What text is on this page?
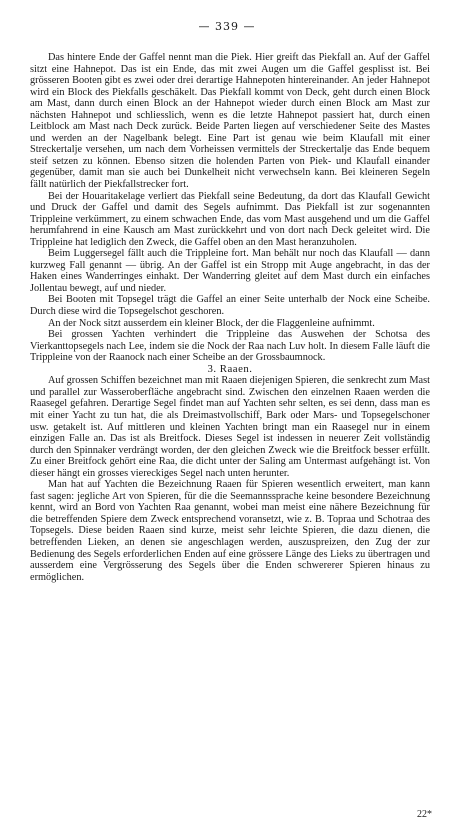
— 339 —

Das hintere Ende der Gaffel nennt man die Piek. Hier greift das Piekfall an. Auf der Gaffel sitzt eine Hahnepot. Das ist ein Ende, das mit zwei Augen um die Gaffel gesplisst ist. Bei grösseren Booten gibt es zwei oder drei derartige Hahnepoten hintereinander. An jeder Hahnepot wird ein Block des Piekfalls geschäkelt. Das Piekfall kommt von Deck, geht durch einen Block am Mast, dann durch einen Block an der Hahnepot wieder durch einen Block am Mast zur nächsten Hahnepot und schliesslich, wenn es die letzte Hahnepot passiert hat, durch einen Leitblock am Mast nach Deck zurück. Beide Parten liegen auf verschiedener Seite des Mastes und werden an der Nagelbank belegt. Eine Part ist genau wie beim Klaufall mit einer Streckertalje versehen, um nach dem Vorheissen vermittels der Streckertalje das Ende bequem steif setzen zu können. Ebenso sitzen die holenden Parten von Piek- und Klaufall einander gegenüber, damit man sie auch bei Dunkelheit nicht verwechseln kann. Bei kleineren Segeln fällt natürlich der Piekfallstrecker fort.

Bei der Houaritakelage verliert das Piekfall seine Bedeutung, da dort das Klaufall Gewicht und Druck der Gaffel und damit des Segels aufnimmt. Das Piekfall ist zur sogenannten Trippleine verkümmert, zu einem schwachen Ende, das vom Mast ausgehend und um die Gaffel herumfahrend in eine Kausch am Mast zurückkehrt und von dort nach Deck geleitet wird. Die Trippleine hat lediglich den Zweck, die Gaffel oben an den Mast heranzuholen.

Beim Luggersegel fällt auch die Trippleine fort. Man behält nur noch das Klaufall — dann kurzweg Fall genannt — übrig. An der Gaffel ist ein Stropp mit Auge angebracht, in das der Haken eines Wanderringes einhakt. Der Wanderring gleitet auf dem Mast durch ein einfaches Jollentau bewegt, auf und nieder.

Bei Booten mit Topsegel trägt die Gaffel an einer Seite unterhalb der Nock eine Scheibe. Durch diese wird die Topsegelschot geschoren.

An der Nock sitzt ausserdem ein kleiner Block, der die Flaggenleine aufnimmt.

Bei grossen Yachten verhindert die Trippleine das Auswehen der Schotsa des Vierkanttopsegels nach Lee, indem sie die Nock der Raa nach Luv holt. In diesem Falle läuft die Trippleine von der Raanock nach einer Scheibe an der Grossbaumnock.

3. Raaen.

Auf grossen Schiffen bezeichnet man mit Raaen diejenigen Spieren, die senkrecht zum Mast und parallel zur Wasseroberfläche angebracht sind. Zwischen den einzelnen Raaen werden die Raasegel gefahren. Derartige Segel findet man auf Yachten sehr selten, es sei denn, dass man es mit einer Yacht zu tun hat, die als Dreimastvollschiff, Bark oder Mars- und Topsegelschoner usw. getakelt ist. Auf mittleren und kleinen Yachten bringt man ein Raasegel nur in einem einzigen Falle an. Das ist als Breitfock. Dieses Segel ist indessen in neuerer Zeit vollständig durch den Spinnaker verdrängt worden, der den gleichen Zweck wie die Breitfock besser erfüllt. Zu einer Breitfock gehört eine Raa, die dicht unter der Saling am Untermast aufgehängt ist. Von dieser hängt ein grosses viereckiges Segel nach unten herunter.

Man hat auf Yachten die Bezeichnung Raaen für Spieren wesentlich erweitert, man kann fast sagen: jegliche Art von Spieren, für die die Seemannssprache keine besondere Bezeichnung kennt, wird an Bord von Yachten Raa genannt, wobei man meist eine nähere Bezeichnung für die betreffenden Spiere dem Zweck entsprechend voransetzt, wie z. B. Topraa und Schotraa des Topsegels. Diese beiden Raaen sind kurze, meist sehr leichte Spieren, die dazu dienen, die betreffenden Lieken, an denen sie angeschlagen werden, auszuspreizen, den Zug der zur Bedienung des Segels erforderlichen Enden auf eine grössere Länge des Lieks zu übertragen und ausserdem eine Vergrösserung des Segels über die Enden schwererer Spieren hinaus zu ermöglichen.

22*
